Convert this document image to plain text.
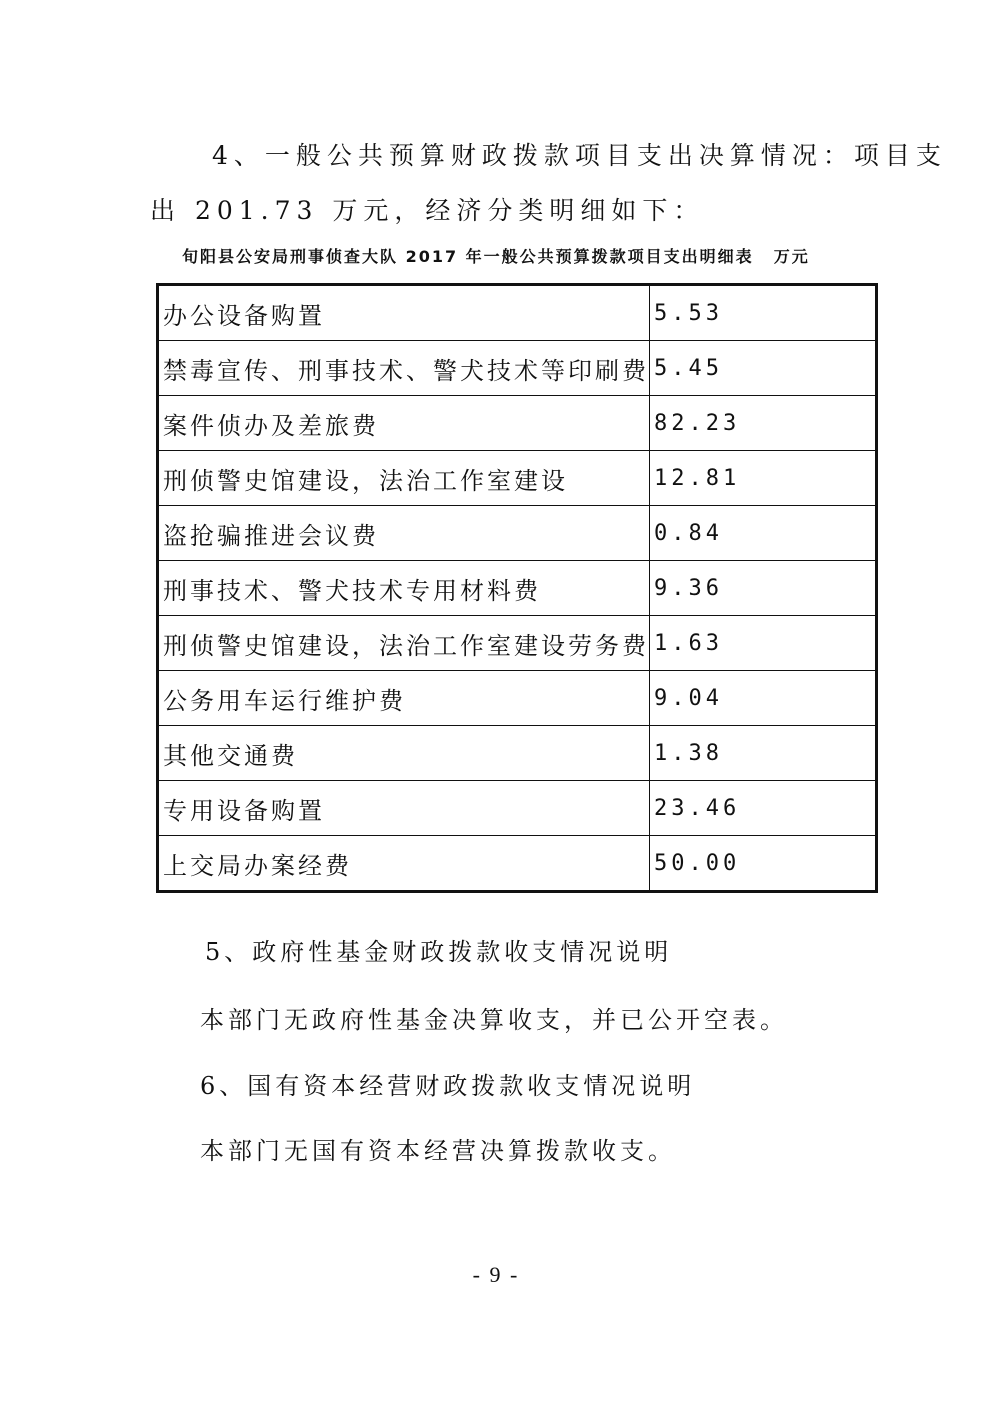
4、一般公共预算财政拨款项目支出决算情况：项目支

出 201.73 万元，经济分类明细如下：

旬阳县公安局刑事侦查大队 2017 年一般公共预算拨款项目支出明细表 万元
办公设备购置	5.53
禁毒宣传、刑事技术、警犬技术等印刷费	5.45
案件侦办及差旅费	82.23
刑侦警史馆建设，法治工作室建设	12.81
盗抢骗推进会议费	0.84
刑事技术、警犬技术专用材料费	9.36
刑侦警史馆建设，法治工作室建设劳务费	1.63
公务用车运行维护费	9.04
其他交通费	1.38
专用设备购置	23.46
上交局办案经费	50.00

5、政府性基金财政拨款收支情况说明

本部门无政府性基金决算收支，并已公开空表。

6、国有资本经营财政拨款收支情况说明

本部门无国有资本经营决算拨款收支。

- 9 -
